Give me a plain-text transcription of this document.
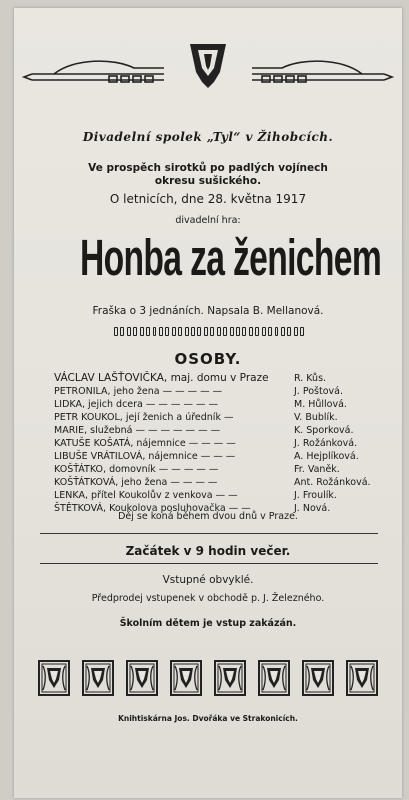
Divadelní spolek „Tyl“ v Žihobcích.
Ve prospěch sirotků po padlých vojínech
okresu sušického.
O letnicích, dne 28. května 1917
divadelní hra:
Honba za ženichem
Fraška o 3 jednáních. Napsala B. Mellanová.
OSOBY.
VÁCLAV LAŠŤOVIČKA, maj. domu v Praze	R. Kůs.
PETRONILA, jeho žena — — — — —	J. Poštová.
LIDKA, jejich dcera — — — — — —	M. Hůllová.
PETR KOUKOL, její ženich a úředník —	V. Bublík.
MARIE, služebná — — — — — — —	K. Sporková.
KATUŠE KOŠATÁ, nájemnice — — — —	J. Rožánková.
LIBUŠE VRÁTILOVÁ, nájemnice — — —	A. Hejplíková.
KOŠŤÁTKO, domovník — — — — —	Fr. Vaněk.
KOŠŤÁTKOVÁ, jeho žena — — — —	Ant. Rožánková.
LENKA, přítel Koukolův z venkova — —	J. Froulík.
ŠTĚTKOVÁ, Koukolova posluhovačka — —	J. Nová.
Děj se koná během dvou dnů v Praze.
Začátek v 9 hodin večer.
Vstupné obvyklé.
Předprodej vstupenek v obchodě p. J. Železného.
Školním dětem je vstup zakázán.
Knihtiskárna Jos. Dvořáka ve Strakonicích.
